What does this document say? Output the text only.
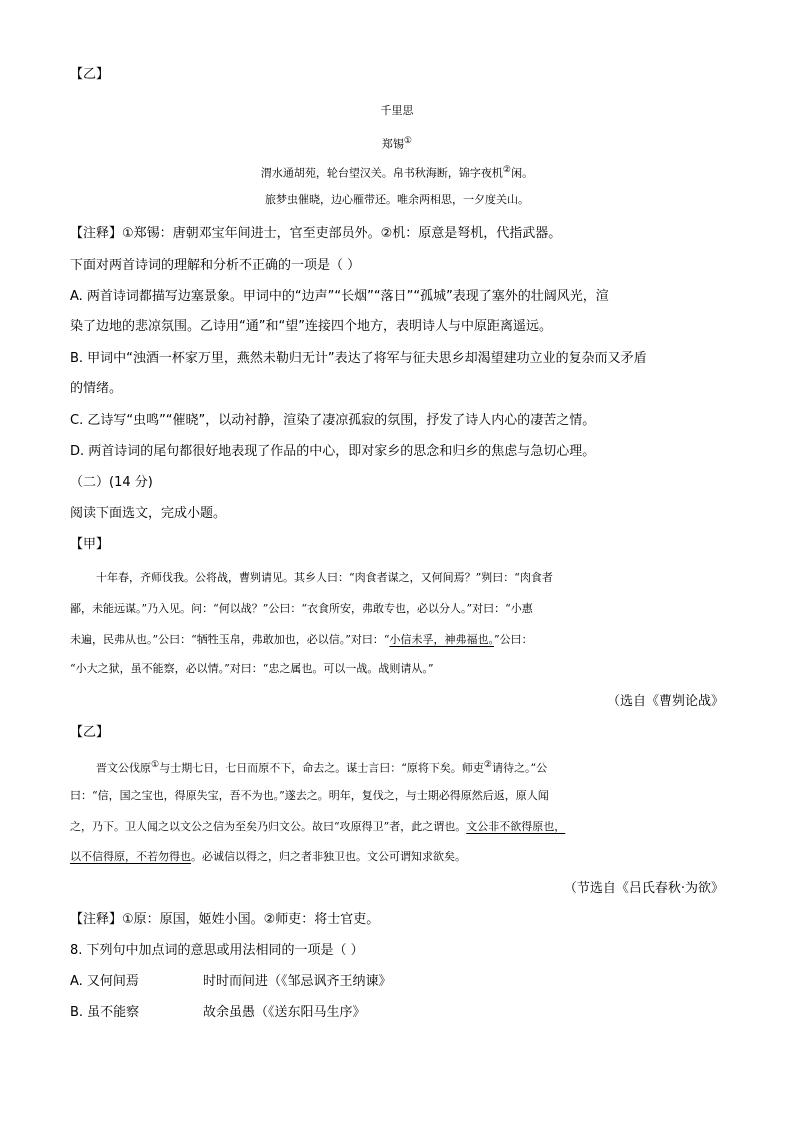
【乙】
千里思
郑锡①
渭水通胡苑，轮台望汉关。帛书秋海断，锦字夜机②闲。
旅梦虫催晓，边心雁带还。唯余两相思，一夕度关山。
【注释】①郑锡：唐朝邓宝年间进士，官至吏部员外。②机：原意是弩机，代指武器。
下面对两首诗词的理解和分析不正确的一项是（ ）
A. 两首诗词都描写边塞景象。甲词中的“边声”“长烟”“落日”“孤城”表现了塞外的壮阔风光，渲
染了边地的悲凉氛围。乙诗用“通”和“望”连接四个地方，表明诗人与中原距离遥远。
B. 甲词中“浊酒一杯家万里，燕然未勒归无计”表达了将军与征夫思乡却渴望建功立业的复杂而又矛盾
的情绪。
C. 乙诗写“虫鸣”“催晓”，以动衬静，渲染了凄凉孤寂的氛围，抒发了诗人内心的凄苦之情。
D. 两首诗词的尾句都很好地表现了作品的中心，即对家乡的思念和归乡的焦虑与急切心理。
（二）(14 分)
阅读下面选文，完成小题。
【甲】
十年春，齐师伐我。公将战，曹刿请见。其乡人曰：“肉食者谋之，又何间焉？”刿曰：“肉食者
鄙，未能远谋。”乃入见。问：“何以战？”公曰：“衣食所安，弗敢专也，必以分人。”对曰：“小惠
未遍，民弗从也。”公曰：“牺牲玉帛，弗敢加也，必以信。”对曰：“小信未孚，神弗福也。”公曰：
“小大之狱，虽不能察，必以情。”对曰：“忠之属也。可以一战。战则请从。”
（选自《曹刿论战》
【乙】
晋文公伐原①与士期七日，七日而原不下，命去之。谋士言曰：“原将下矣。师吏②请待之。”公
曰：“信，国之宝也，得原失宝，吾不为也。”遂去之。明年，复伐之，与士期必得原然后返，原人闻
之，乃下。卫人闻之以文公之信为至矣乃归文公。故曰“攻原得卫”者，此之谓也。文公非不欲得原也，
以不信得原，不若勿得也。必诚信以得之，归之者非独卫也。文公可谓知求欲矣。
（节选自《吕氏春秋·为欲》
【注释】①原：原国，姬姓小国。②师吏：将士官吏。
8. 下列句中加点词的意思或用法相同的一项是（ ）
A. 又何间焉	时时而间进（《邹忌讽齐王纳谏》
B. 虽不能察	故余虽愚（《送东阳马生序》
